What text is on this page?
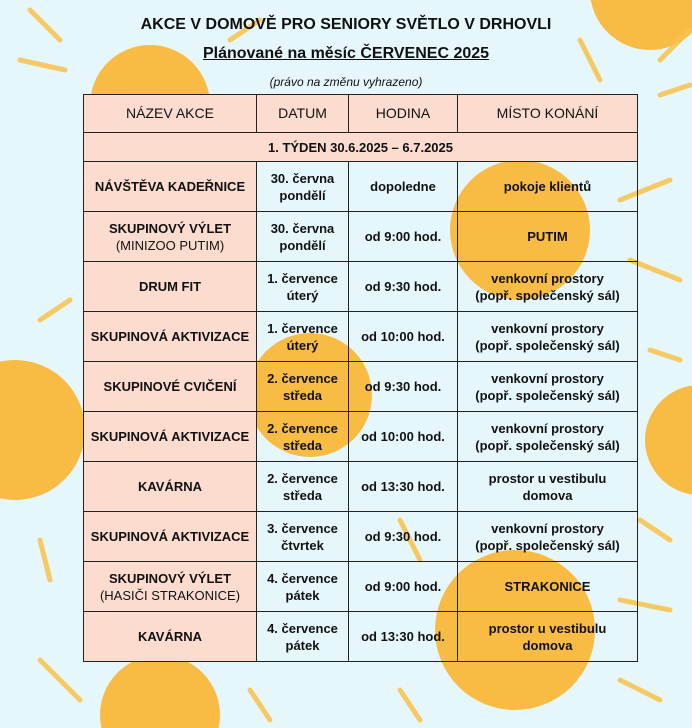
AKCE V DOMOVĚ PRO SENIORY SVĚTLO V DRHOVLI
Plánované na měsíc ČERVENEC 2025
(právo na změnu vyhrazeno)
NÁZEV AKCE	DATUM	HODINA	MÍSTO KONÁNÍ
1. TÝDEN 30.6.2025 – 6.7.2025			

NÁVŠTĚVA KADEŘNICE	30. června
pondělí	dopoledne	pokoje klientů

SKUPINOVÝ VÝLET
(MINIZOO PUTIM)	30. června
pondělí	od 9:00 hod.	PUTIM

DRUM FIT	1. července
úterý	od 9:30 hod.	venkovní prostory
(popř. společenský sál)

SKUPINOVÁ AKTIVIZACE	1. července
úterý	od 10:00 hod.	venkovní prostory
(popř. společenský sál)

SKUPINOVÉ CVIČENÍ	2. července
středa	od 9:30 hod.	venkovní prostory
(popř. společenský sál)

SKUPINOVÁ AKTIVIZACE	2. července
středa	od 10:00 hod.	venkovní prostory
(popř. společenský sál)

KAVÁRNA	2. července
středa	od 13:30 hod.	prostor u vestibulu
domova

SKUPINOVÁ AKTIVIZACE	3. července
čtvrtek	od 9:30 hod.	venkovní prostory
(popř. společenský sál)

SKUPINOVÝ VÝLET
(HASIČI STRAKONICE)	4. července
pátek	od 9:00 hod.	STRAKONICE

KAVÁRNA	4. července
pátek	od 13:30 hod.	prostor u vestibulu
domova
